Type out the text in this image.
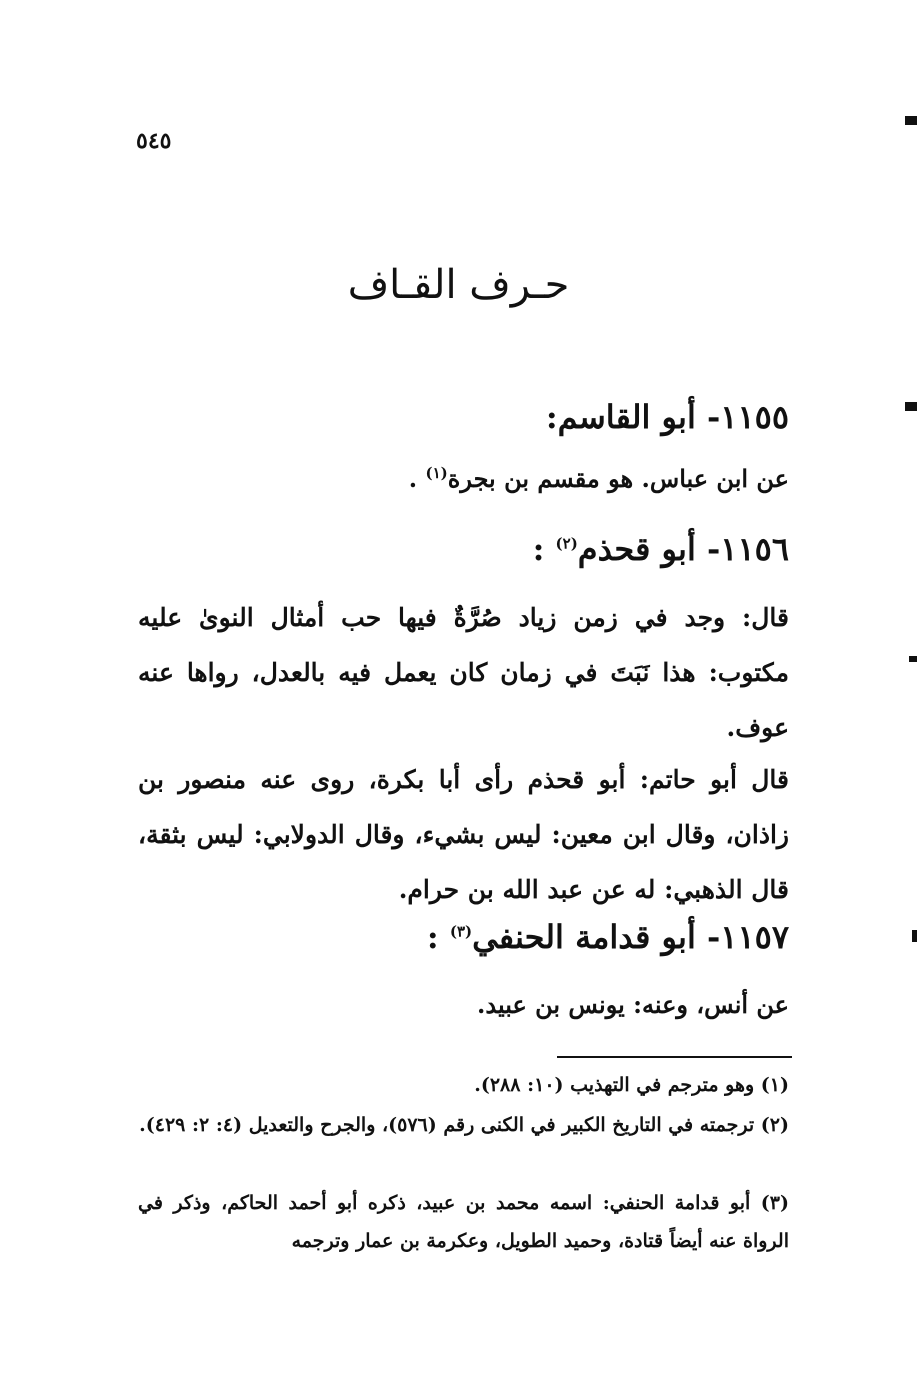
٥٤٥
حـرف القـاف
١١٥٥- أبو القاسم:
عن ابن عباس. هو مقسم بن بجرة$^{(١)}$ .
١١٥٦- أبو قحذم$^{(٢)}$ :
قال: وجد في زمن زياد صُرَّةٌ فيها حب أمثال النوىٰ عليه مكتوب: هذا نَبَتَ في زمان كان يعمل فيه بالعدل، رواها عنه عوف.
قال أبو حاتم: أبو قحذم رأى أبا بكرة، روى عنه منصور بن زاذان، وقال ابن معين: ليس بشيء، وقال الدولابي: ليس بثقة، قال الذهبي: له عن عبد الله بن حرام.
١١٥٧- أبو قدامة الحنفي$^{(٣)}$ :
عن أنس، وعنه: يونس بن عبيد.
(١) وهو مترجم في التهذيب (١٠: ٢٨٨).
(٢) ترجمته في التاريخ الكبير في الكنى رقم (٥٧٦)، والجرح والتعديل (٤: ٢: ٤٢٩).
(٣) أبو قدامة الحنفي: اسمه محمد بن عبيد، ذكره أبو أحمد الحاكم، وذكر في الرواة عنه أيضاً قتادة، وحميد الطويل، وعكرمة بن عمار وترجمه
